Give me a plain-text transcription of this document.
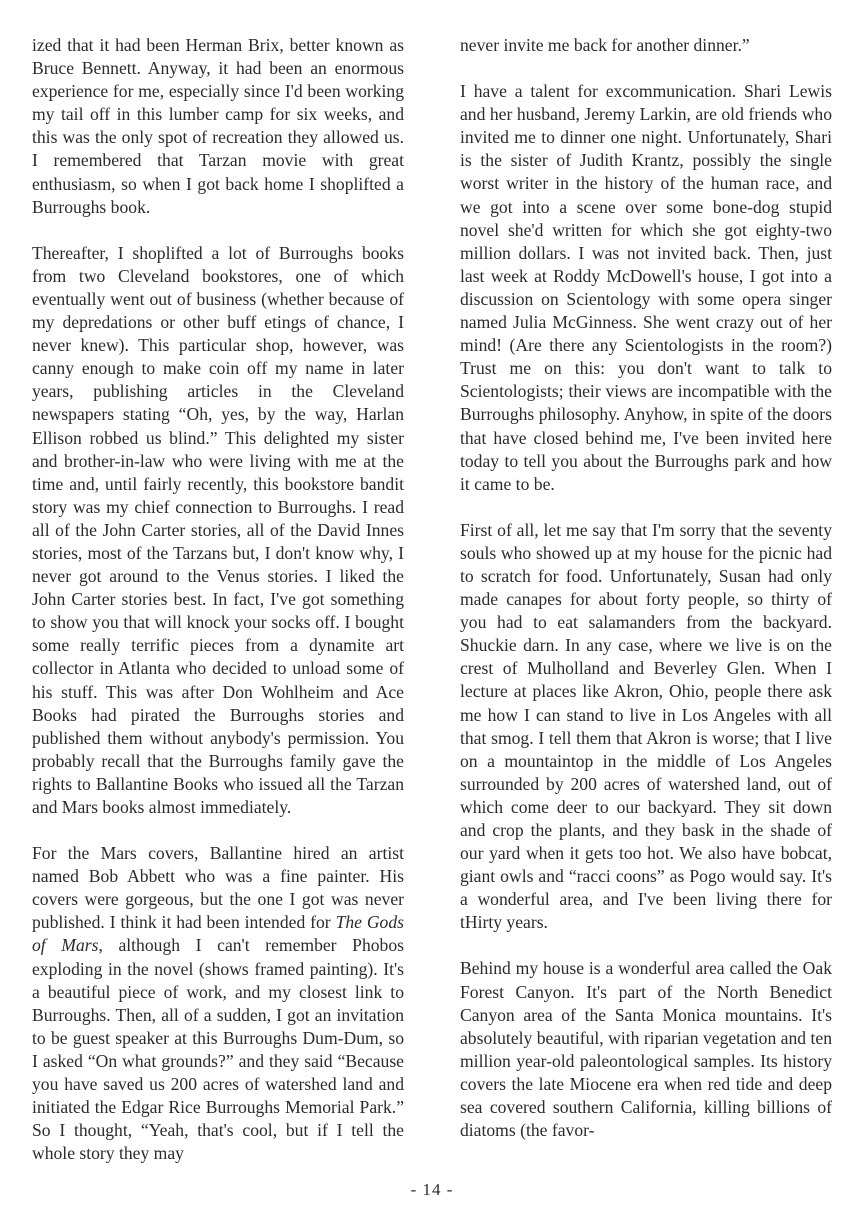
ized that it had been Herman Brix, better known as Bruce Bennett. Anyway, it had been an enormous experience for me, especially since I'd been working my tail off in this lumber camp for six weeks, and this was the only spot of recreation they allowed us. I remembered that Tarzan movie with great enthusiasm, so when I got back home I shoplifted a Burroughs book.

Thereafter, I shoplifted a lot of Burroughs books from two Cleveland bookstores, one of which eventually went out of business (whether because of my depredations or other buff etings of chance, I never knew). This particular shop, however, was canny enough to make coin off my name in later years, publishing articles in the Cleveland newspapers stating “Oh, yes, by the way, Harlan Ellison robbed us blind.” This delighted my sister and brother-in-law who were living with me at the time and, until fairly recently, this bookstore bandit story was my chief connection to Burroughs. I read all of the John Carter stories, all of the David Innes stories, most of the Tarzans but, I don't know why, I never got around to the Venus stories. I liked the John Carter stories best. In fact, I've got something to show you that will knock your socks off. I bought some really terrific pieces from a dynamite art collector in Atlanta who decided to unload some of his stuff. This was after Don Wohlheim and Ace Books had pirated the Burroughs stories and published them without anybody's permission. You probably recall that the Burroughs family gave the rights to Ballantine Books who issued all the Tarzan and Mars books almost immediately.

For the Mars covers, Ballantine hired an artist named Bob Abbett who was a fine painter. His covers were gorgeous, but the one I got was never published. I think it had been intended for The Gods of Mars, although I can't remember Phobos exploding in the novel (shows framed painting). It's a beautiful piece of work, and my closest link to Burroughs. Then, all of a sudden, I got an invitation to be guest speaker at this Burroughs Dum-Dum, so I asked “On what grounds?” and they said “Because you have saved us 200 acres of watershed land and initiated the Edgar Rice Burroughs Memorial Park.” So I thought, “Yeah, that's cool, but if I tell the whole story they may

never invite me back for another dinner.”

I have a talent for excommunication. Shari Lewis and her husband, Jeremy Larkin, are old friends who invited me to dinner one night. Unfortunately, Shari is the sister of Judith Krantz, possibly the single worst writer in the history of the human race, and we got into a scene over some bone-dog stupid novel she'd written for which she got eighty-two million dollars. I was not invited back. Then, just last week at Roddy McDowell's house, I got into a discussion on Scientology with some opera singer named Julia McGinness. She went crazy out of her mind! (Are there any Scientologists in the room?) Trust me on this: you don't want to talk to Scientologists; their views are incompatible with the Burroughs philosophy. Anyhow, in spite of the doors that have closed behind me, I've been invited here today to tell you about the Burroughs park and how it came to be.

First of all, let me say that I'm sorry that the seventy souls who showed up at my house for the picnic had to scratch for food. Unfortunately, Susan had only made canapes for about forty people, so thirty of you had to eat salamanders from the backyard. Shuckie darn. In any case, where we live is on the crest of Mulholland and Beverley Glen. When I lecture at places like Akron, Ohio, people there ask me how I can stand to live in Los Angeles with all that smog. I tell them that Akron is worse; that I live on a mountaintop in the middle of Los Angeles surrounded by 200 acres of watershed land, out of which come deer to our backyard. They sit down and crop the plants, and they bask in the shade of our yard when it gets too hot. We also have bobcat, giant owls and “racci coons” as Pogo would say. It's a wonderful area, and I've been living there for tHirty years.

Behind my house is a wonderful area called the Oak Forest Canyon. It's part of the North Benedict Canyon area of the Santa Monica mountains. It's absolutely beautiful, with riparian vegetation and ten million year-old paleontological samples. Its history covers the late Miocene era when red tide and deep sea covered southern California, killing billions of diatoms (the favor-

- 14 -
